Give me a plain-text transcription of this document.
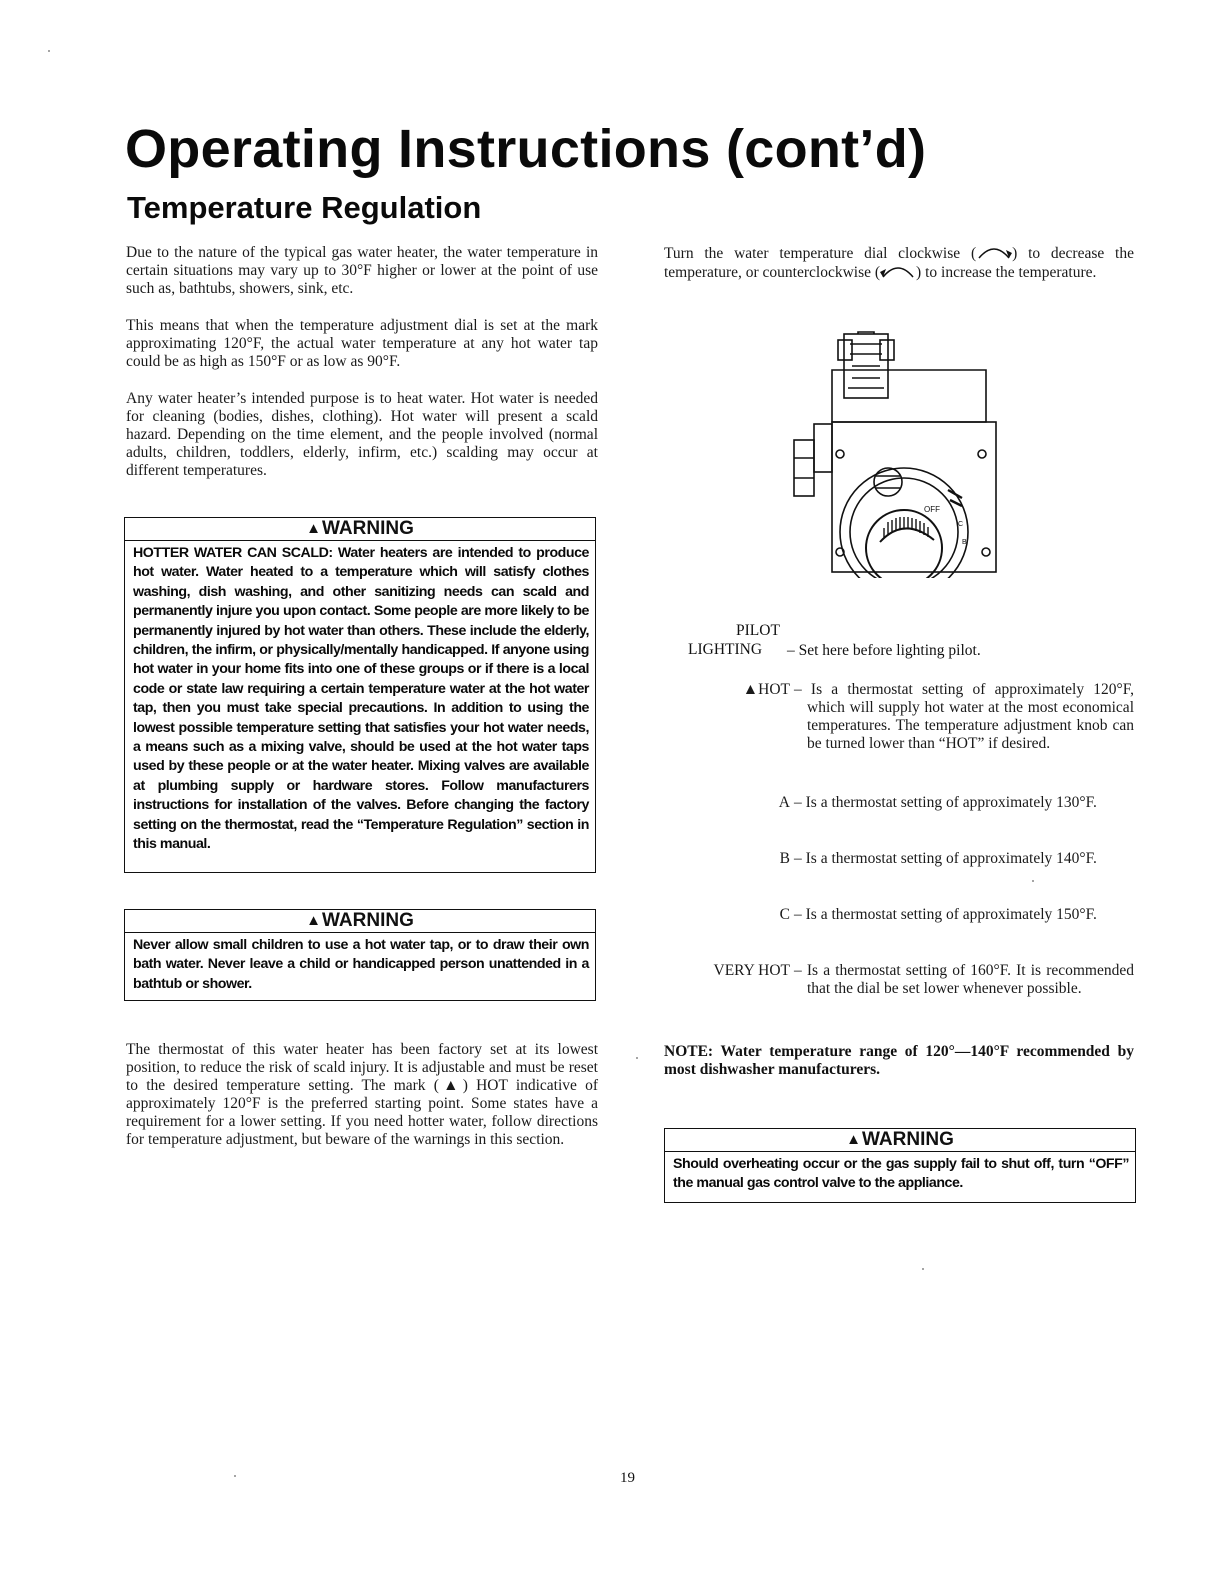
Operating Instructions (cont’d)
Temperature Regulation
Due to the nature of the typical gas water heater, the water temperature in certain situations may vary up to 30°F higher or lower at the point of use such as, bathtubs, showers, sink, etc.
This means that when the temperature adjustment dial is set at the mark approximating 120°F, the actual water temperature at any hot water tap could be as high as 150°F or as low as 90°F.
Any water heater’s intended purpose is to heat water. Hot water is needed for cleaning (bodies, dishes, clothing). Hot water will present a scald hazard. Depending on the time element, and the people involved (normal adults, children, toddlers, elderly, infirm, etc.) scalding may occur at different temperatures.
▲WARNING
HOTTER WATER CAN SCALD: Water heaters are intended to produce hot water. Water heated to a temperature which will satisfy clothes washing, dish washing, and other sanitizing needs can scald and permanently injure you upon contact. Some people are more likely to be permanently injured by hot water than others. These include the elderly, children, the infirm, or physically/mentally handicapped. If anyone using hot water in your home fits into one of these groups or if there is a local code or state law requiring a certain temperature water at the hot water tap, then you must take special precautions. In addition to using the lowest possible temperature setting that satisfies your hot water needs, a means such as a mixing valve, should be used at the hot water taps used by these people or at the water heater. Mixing valves are available at plumbing supply or hardware stores. Follow manufacturers instructions for installation of the valves. Before changing the factory setting on the thermostat, read the “Temperature Regulation” section in this manual.
▲WARNING
Never allow small children to use a hot water tap, or to draw their own bath water. Never leave a child or handicapped person unattended in a bathtub or shower.
The thermostat of this water heater has been factory set at its lowest position, to reduce the risk of scald injury. It is adjustable and must be reset to the desired temperature setting. The mark (▲) HOT indicative of approximately 120°F is the preferred starting point. Some states have a requirement for a lower setting. If you need hotter water, follow directions for temperature adjustment, but beware of the warnings in this section.
Turn the water temperature dial clockwise ( ) to decrease the temperature, or counterclockwise ( ) to increase the temperature.
OFF
C
B
PILOT
LIGHTING – Set here before lighting pilot.
▲HOT – Is a thermostat setting of approximately 120°F, which will supply hot water at the most economical temperatures. The temperature adjustment knob can be turned lower than “HOT” if desired.
A – Is a thermostat setting of approximately 130°F.
B – Is a thermostat setting of approximately 140°F.
C – Is a thermostat setting of approximately 150°F.
VERY HOT – Is a thermostat setting of 160°F. It is recommended that the dial be set lower whenever possible.
NOTE: Water temperature range of 120°—140°F recommended by most dishwasher manufacturers.
▲WARNING
Should overheating occur or the gas supply fail to shut off, turn “OFF” the manual gas control valve to the appliance.
19
